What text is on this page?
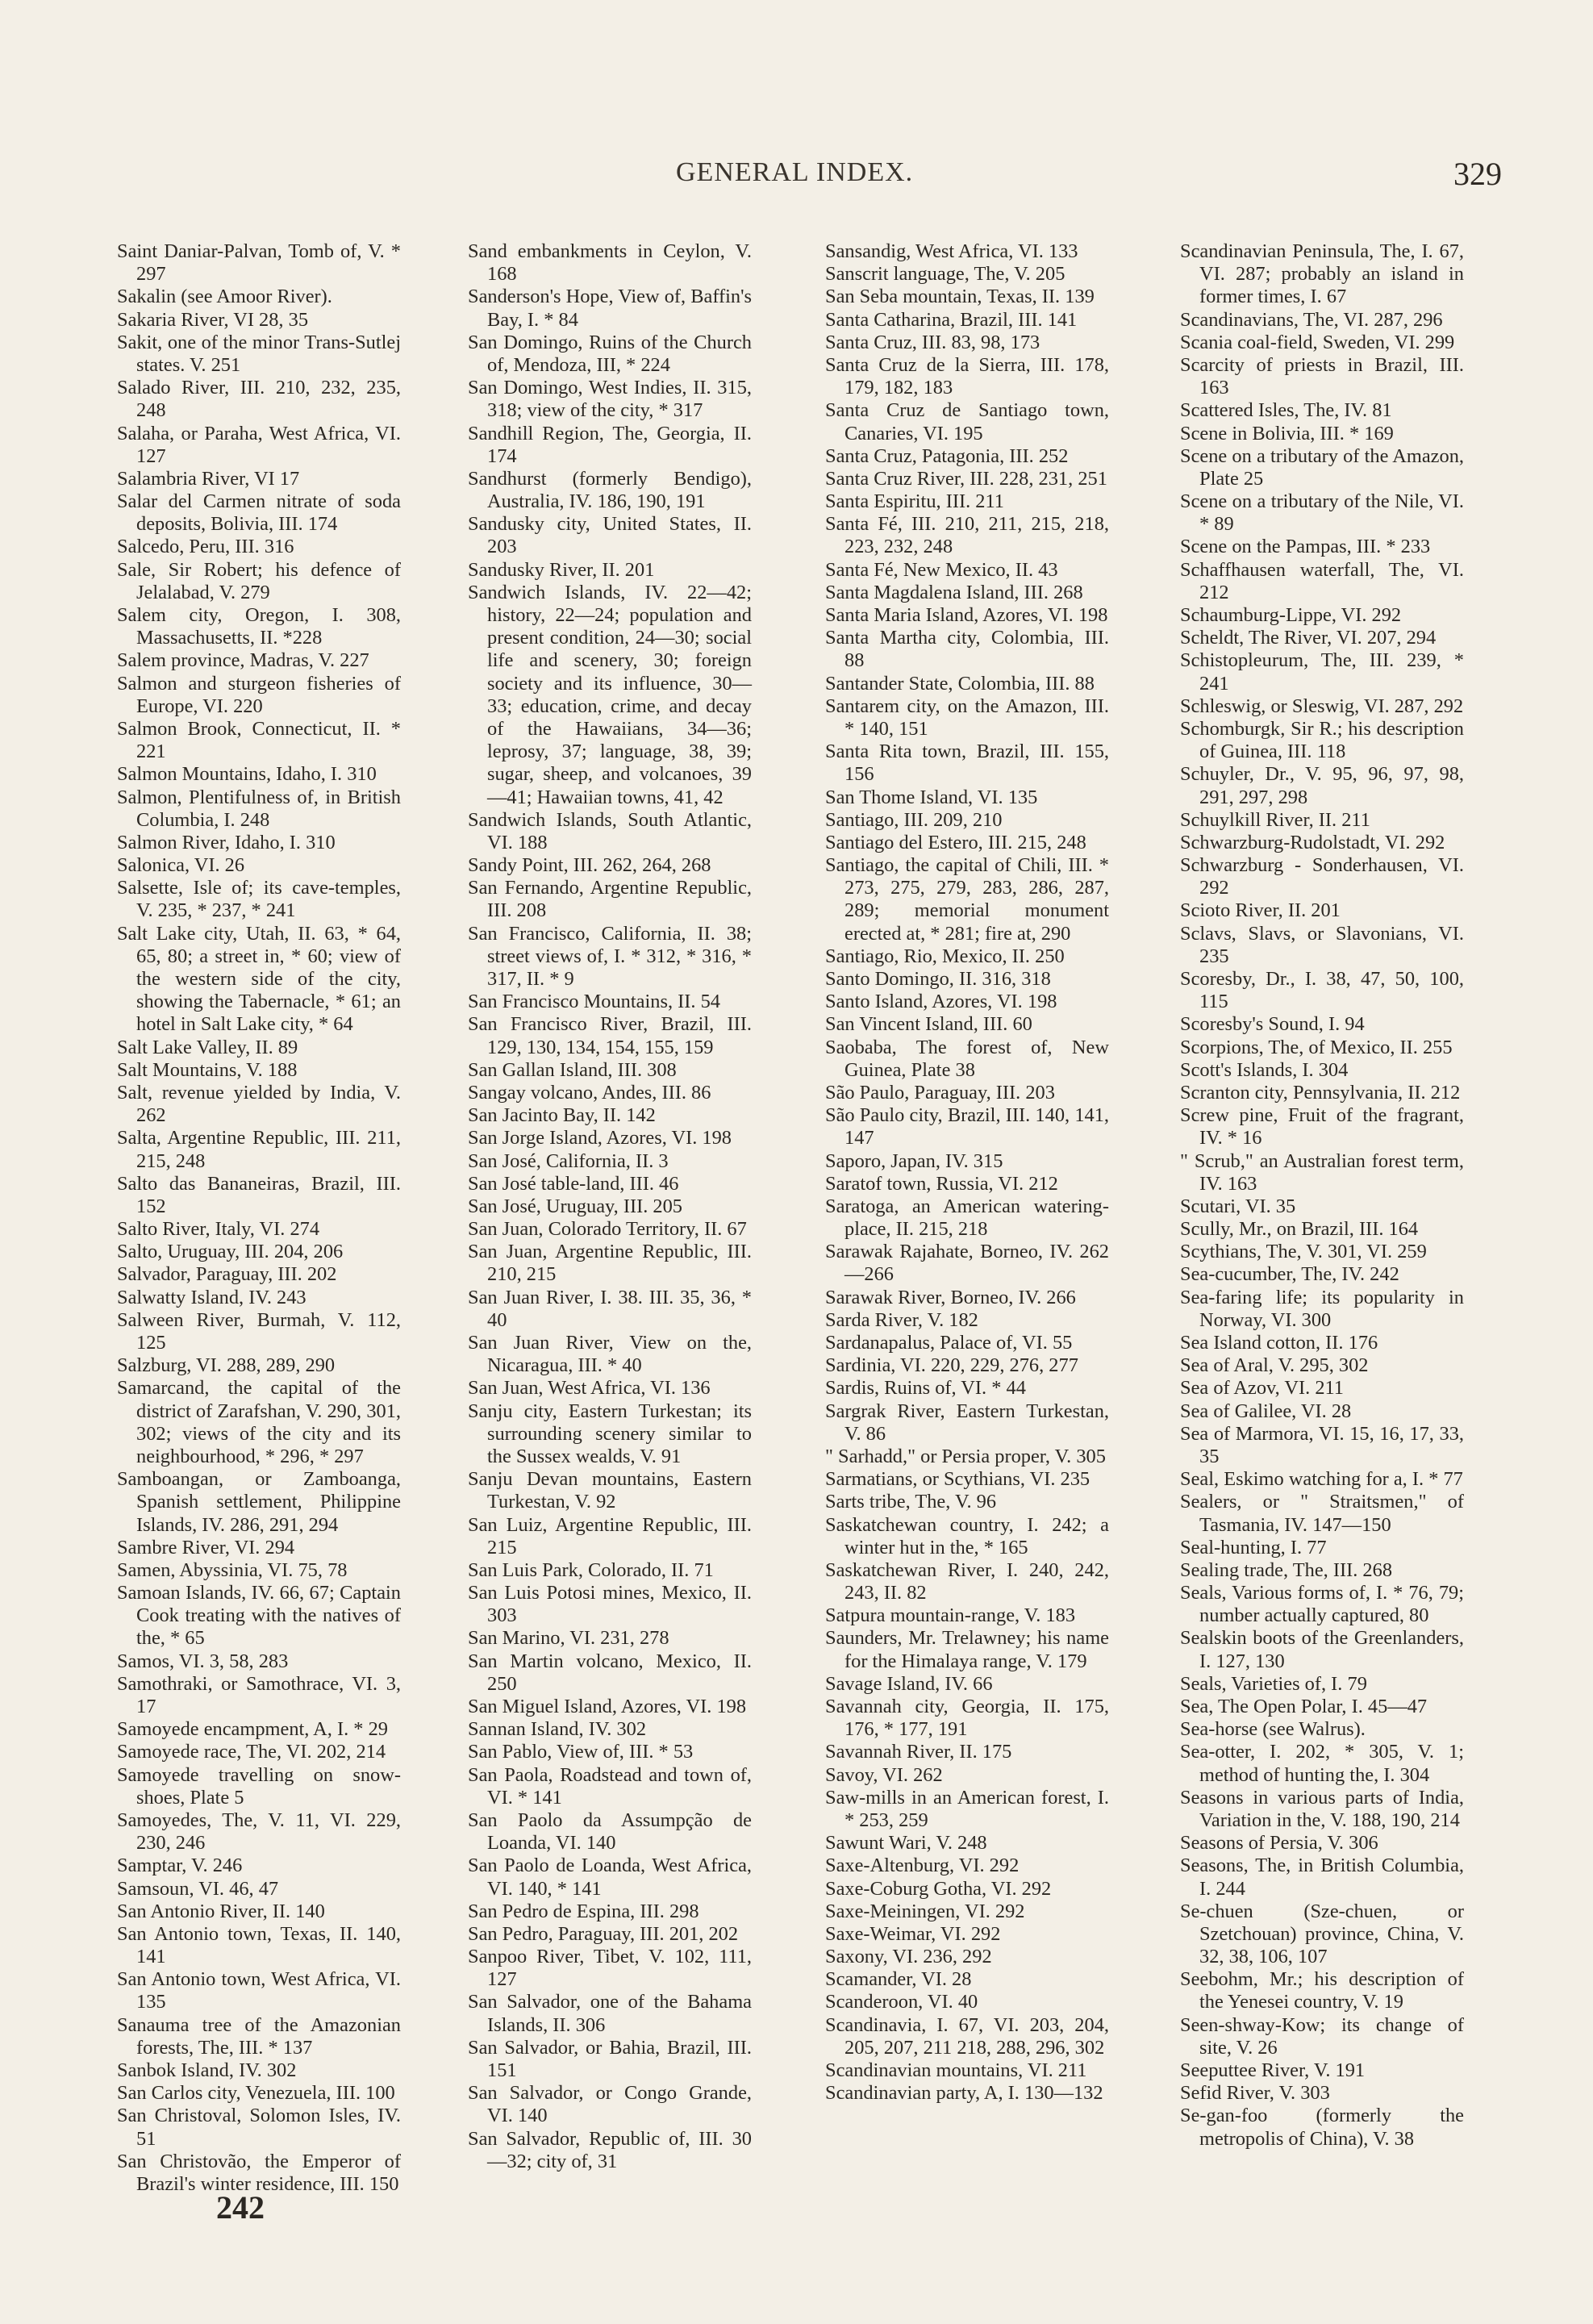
GENERAL INDEX.	329
Saint Daniar-Palvan, Tomb of, V. * 297
Sakalin (see Amoor River).
Sakaria River, VI 28, 35
Sakit, one of the minor Trans-Sutlej states. V. 251
Salado River, III. 210, 232, 235, 248
Salaha, or Paraha, West Africa, VI. 127
Salambria River, VI 17
Salar del Carmen nitrate of soda deposits, Bolivia, III. 174
Salcedo, Peru, III. 316
Sale, Sir Robert; his defence of Jelalabad, V. 279
Salem city, Oregon, I. 308, Massachusetts, II. *228
Salem province, Madras, V. 227
Salmon and sturgeon fisheries of Europe, VI. 220
Salmon Brook, Connecticut, II. * 221
Salmon Mountains, Idaho, I. 310
Salmon, Plentifulness of, in British Columbia, I. 248
Salmon River, Idaho, I. 310
Salonica, VI. 26
Salsette, Isle of; its cave-temples, V. 235, * 237, * 241
Salt Lake city, Utah, II. 63, * 64, 65, 80; a street in, * 60; view of the western side of the city, showing the Tabernacle, * 61; an hotel in Salt Lake city, * 64
Salt Lake Valley, II. 89
Salt Mountains, V. 188
Salt, revenue yielded by India, V. 262
Salta, Argentine Republic, III. 211, 215, 248
Salto das Bananeiras, Brazil, III. 152
Salto River, Italy, VI. 274
Salto, Uruguay, III. 204, 206
Salvador, Paraguay, III. 202
Salwatty Island, IV. 243
Salween River, Burmah, V. 112, 125
Salzburg, VI. 288, 289, 290
Samarcand, the capital of the district of Zarafshan, V. 290, 301, 302; views of the city and its neighbourhood, * 296, * 297
Samboangan, or Zamboanga, Spanish settlement, Philippine Islands, IV. 286, 291, 294
Sambre River, VI. 294
Samen, Abyssinia, VI. 75, 78
Samoan Islands, IV. 66, 67; Captain Cook treating with the natives of the, * 65
Samos, VI. 3, 58, 283
Samothraki, or Samothrace, VI. 3, 17
Samoyede encampment, A, I. * 29
Samoyede race, The, VI. 202, 214
Samoyede travelling on snow-shoes, Plate 5
Samoyedes, The, V. 11, VI. 229, 230, 246
Samptar, V. 246
Samsoun, VI. 46, 47
San Antonio River, II. 140
San Antonio town, Texas, II. 140, 141
San Antonio town, West Africa, VI. 135
Sanauma tree of the Amazonian forests, The, III. * 137
Sanbok Island, IV. 302
San Carlos city, Venezuela, III. 100
San Christoval, Solomon Isles, IV. 51
San Christovão, the Emperor of Brazil's winter residence, III. 150
Sand embankments in Ceylon, V. 168
Sanderson's Hope, View of, Baffin's Bay, I. * 84
San Domingo, Ruins of the Church of, Mendoza, III, * 224
San Domingo, West Indies, II. 315, 318; view of the city, * 317
Sandhill Region, The, Georgia, II. 174
Sandhurst (formerly Bendigo), Australia, IV. 186, 190, 191
Sandusky city, United States, II. 203
Sandusky River, II. 201
Sandwich Islands, IV. 22—42; history, 22—24; population and present condition, 24—30; social life and scenery, 30; foreign society and its influence, 30—33; education, crime, and decay of the Hawaiians, 34—36; leprosy, 37; language, 38, 39; sugar, sheep, and volcanoes, 39—41; Hawaiian towns, 41, 42
Sandwich Islands, South Atlantic, VI. 188
Sandy Point, III. 262, 264, 268
San Fernando, Argentine Republic, III. 208
San Francisco, California, II. 38; street views of, I. * 312, * 316, * 317, II. * 9
San Francisco Mountains, II. 54
San Francisco River, Brazil, III. 129, 130, 134, 154, 155, 159
San Gallan Island, III. 308
Sangay volcano, Andes, III. 86
San Jacinto Bay, II. 142
San Jorge Island, Azores, VI. 198
San José, California, II. 3
San José table-land, III. 46
San José, Uruguay, III. 205
San Juan, Colorado Territory, II. 67
San Juan, Argentine Republic, III. 210, 215
San Juan River, I. 38. III. 35, 36, * 40
San Juan River, View on the, Nicaragua, III. * 40
San Juan, West Africa, VI. 136
Sanju city, Eastern Turkestan; its surrounding scenery similar to the Sussex wealds, V. 91
Sanju Devan mountains, Eastern Turkestan, V. 92
San Luiz, Argentine Republic, III. 215
San Luis Park, Colorado, II. 71
San Luis Potosi mines, Mexico, II. 303
San Marino, VI. 231, 278
San Martin volcano, Mexico, II. 250
San Miguel Island, Azores, VI. 198
Sannan Island, IV. 302
San Pablo, View of, III. * 53
San Paola, Roadstead and town of, VI. * 141
San Paolo da Assumpção de Loanda, VI. 140
San Paolo de Loanda, West Africa, VI. 140, * 141
San Pedro de Espina, III. 298
San Pedro, Paraguay, III. 201, 202
Sanpoo River, Tibet, V. 102, 111, 127
San Salvador, one of the Bahama Islands, II. 306
San Salvador, or Bahia, Brazil, III. 151
San Salvador, or Congo Grande, VI. 140
San Salvador, Republic of, III. 30—32; city of, 31
Sansandig, West Africa, VI. 133
Sanscrit language, The, V. 205
San Seba mountain, Texas, II. 139
Santa Catharina, Brazil, III. 141
Santa Cruz, III. 83, 98, 173
Santa Cruz de la Sierra, III. 178, 179, 182, 183
Santa Cruz de Santiago town, Canaries, VI. 195
Santa Cruz, Patagonia, III. 252
Santa Cruz River, III. 228, 231, 251
Santa Espiritu, III. 211
Santa Fé, III. 210, 211, 215, 218, 223, 232, 248
Santa Fé, New Mexico, II. 43
Santa Magdalena Island, III. 268
Santa Maria Island, Azores, VI. 198
Santa Martha city, Colombia, III. 88
Santander State, Colombia, III. 88
Santarem city, on the Amazon, III. * 140, 151
Santa Rita town, Brazil, III. 155, 156
San Thome Island, VI. 135
Santiago, III. 209, 210
Santiago del Estero, III. 215, 248
Santiago, the capital of Chili, III. * 273, 275, 279, 283, 286, 287, 289; memorial monument erected at, * 281; fire at, 290
Santiago, Rio, Mexico, II. 250
Santo Domingo, II. 316, 318
Santo Island, Azores, VI. 198
San Vincent Island, III. 60
Saobaba, The forest of, New Guinea, Plate 38
São Paulo, Paraguay, III. 203
São Paulo city, Brazil, III. 140, 141, 147
Saporo, Japan, IV. 315
Saratof town, Russia, VI. 212
Saratoga, an American watering-place, II. 215, 218
Sarawak Rajahate, Borneo, IV. 262—266
Sarawak River, Borneo, IV. 266
Sarda River, V. 182
Sardanapalus, Palace of, VI. 55
Sardinia, VI. 220, 229, 276, 277
Sardis, Ruins of, VI. * 44
Sargrak River, Eastern Turkestan, V. 86
" Sarhadd," or Persia proper, V. 305
Sarmatians, or Scythians, VI. 235
Sarts tribe, The, V. 96
Saskatchewan country, I. 242; a winter hut in the, * 165
Saskatchewan River, I. 240, 242, 243, II. 82
Satpura mountain-range, V. 183
Saunders, Mr. Trelawney; his name for the Himalaya range, V. 179
Savage Island, IV. 66
Savannah city, Georgia, II. 175, 176, * 177, 191
Savannah River, II. 175
Savoy, VI. 262
Saw-mills in an American forest, I. * 253, 259
Sawunt Wari, V. 248
Saxe-Altenburg, VI. 292
Saxe-Coburg Gotha, VI. 292
Saxe-Meiningen, VI. 292
Saxe-Weimar, VI. 292
Saxony, VI. 236, 292
Scamander, VI. 28
Scanderoon, VI. 40
Scandinavia, I. 67, VI. 203, 204, 205, 207, 211 218, 288, 296, 302
Scandinavian mountains, VI. 211
Scandinavian party, A, I. 130—132
Scandinavian Peninsula, The, I. 67, VI. 287; probably an island in former times, I. 67
Scandinavians, The, VI. 287, 296
Scania coal-field, Sweden, VI. 299
Scarcity of priests in Brazil, III. 163
Scattered Isles, The, IV. 81
Scene in Bolivia, III. * 169
Scene on a tributary of the Amazon, Plate 25
Scene on a tributary of the Nile, VI. * 89
Scene on the Pampas, III. * 233
Schaffhausen waterfall, The, VI. 212
Schaumburg-Lippe, VI. 292
Scheldt, The River, VI. 207, 294
Schistopleurum, The, III. 239, * 241
Schleswig, or Sleswig, VI. 287, 292
Schomburgk, Sir R.; his description of Guinea, III. 118
Schuyler, Dr., V. 95, 96, 97, 98, 291, 297, 298
Schuylkill River, II. 211
Schwarzburg-Rudolstadt, VI. 292
Schwarzburg - Sonderhausen, VI. 292
Scioto River, II. 201
Sclavs, Slavs, or Slavonians, VI. 235
Scoresby, Dr., I. 38, 47, 50, 100, 115
Scoresby's Sound, I. 94
Scorpions, The, of Mexico, II. 255
Scott's Islands, I. 304
Scranton city, Pennsylvania, II. 212
Screw pine, Fruit of the fragrant, IV. * 16
" Scrub," an Australian forest term, IV. 163
Scutari, VI. 35
Scully, Mr., on Brazil, III. 164
Scythians, The, V. 301, VI. 259
Sea-cucumber, The, IV. 242
Sea-faring life; its popularity in Norway, VI. 300
Sea Island cotton, II. 176
Sea of Aral, V. 295, 302
Sea of Azov, VI. 211
Sea of Galilee, VI. 28
Sea of Marmora, VI. 15, 16, 17, 33, 35
Seal, Eskimo watching for a, I. * 77
Sealers, or " Straitsmen," of Tasmania, IV. 147—150
Seal-hunting, I. 77
Sealing trade, The, III. 268
Seals, Various forms of, I. * 76, 79; number actually captured, 80
Sealskin boots of the Greenlanders, I. 127, 130
Seals, Varieties of, I. 79
Sea, The Open Polar, I. 45—47
Sea-horse (see Walrus).
Sea-otter, I. 202, * 305, V. 1; method of hunting the, I. 304
Seasons in various parts of India, Variation in the, V. 188, 190, 214
Seasons of Persia, V. 306
Seasons, The, in British Columbia, I. 244
Se-chuen (Sze-chuen, or Szetchouan) province, China, V. 32, 38, 106, 107
Seebohm, Mr.; his description of the Yenesei country, V. 19
Seen-shway-Kow; its change of site, V. 26
Seeputtee River, V. 191
Sefid River, V. 303
Se-gan-foo (formerly the metropolis of China), V. 38
242
